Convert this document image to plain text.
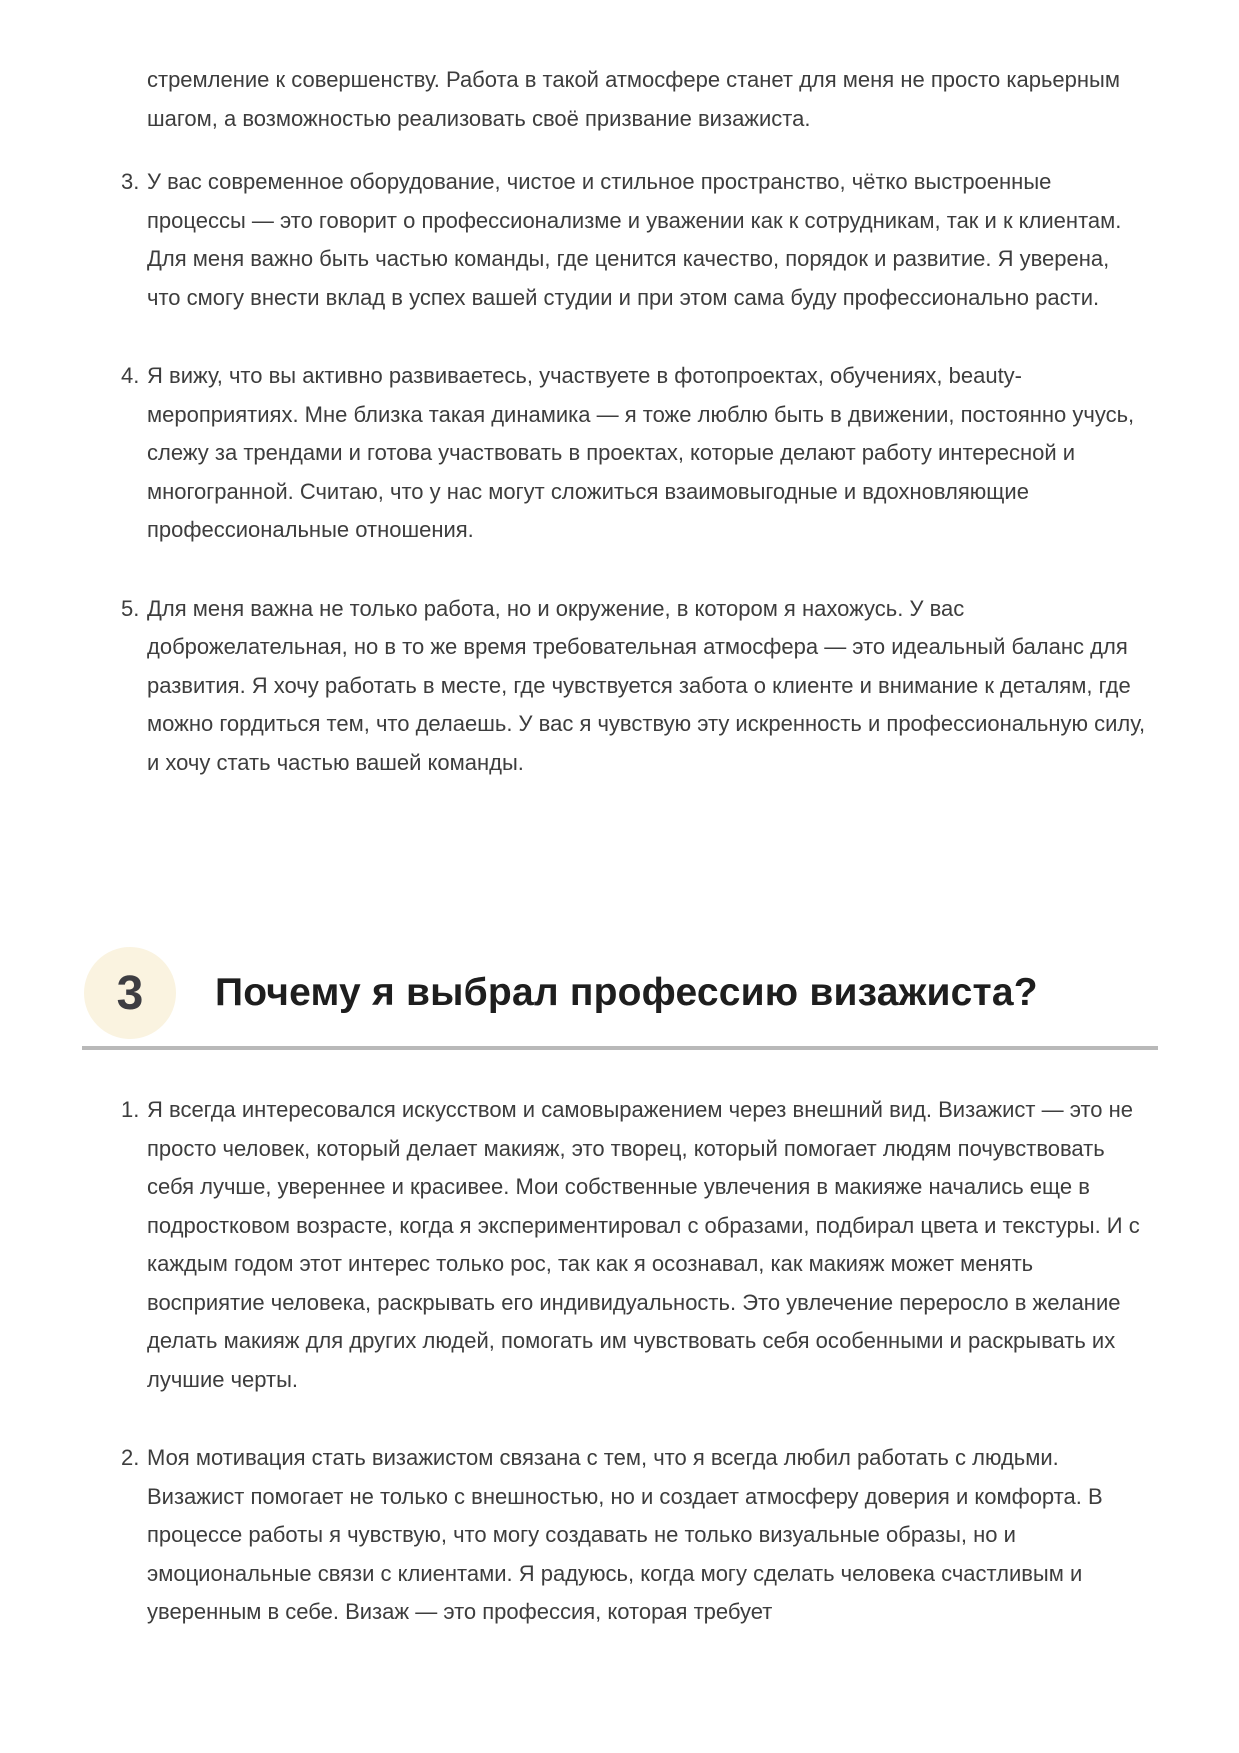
стремление к совершенству. Работа в такой атмосфере станет для меня не просто карьерным шагом, а возможностью реализовать своё призвание визажиста.

3. У вас современное оборудование, чистое и стильное пространство, чётко выстроенные процессы — это говорит о профессионализме и уважении как к сотрудникам, так и к клиентам. Для меня важно быть частью команды, где ценится качество, порядок и развитие. Я уверена, что смогу внести вклад в успех вашей студии и при этом сама буду профессионально расти.
4. Я вижу, что вы активно развиваетесь, участвуете в фотопроектах, обучениях, beauty-мероприятиях. Мне близка такая динамика — я тоже люблю быть в движении, постоянно учусь, слежу за трендами и готова участвовать в проектах, которые делают работу интересной и многогранной. Считаю, что у нас могут сложиться взаимовыгодные и вдохновляющие профессиональные отношения.
5. Для меня важна не только работа, но и окружение, в котором я нахожусь. У вас доброжелательная, но в то же время требовательная атмосфера — это идеальный баланс для развития. Я хочу работать в месте, где чувствуется забота о клиенте и внимание к деталям, где можно гордиться тем, что делаешь. У вас я чувствую эту искренность и профессиональную силу, и хочу стать частью вашей команды.
3	Почему я выбрал профессию визажиста?
1. Я всегда интересовался искусством и самовыражением через внешний вид. Визажист — это не просто человек, который делает макияж, это творец, который помогает людям почувствовать себя лучше, увереннее и красивее. Мои собственные увлечения в макияже начались еще в подростковом возрасте, когда я экспериментировал с образами, подбирал цвета и текстуры. И с каждым годом этот интерес только рос, так как я осознавал, как макияж может менять восприятие человека, раскрывать его индивидуальность. Это увлечение переросло в желание делать макияж для других людей, помогать им чувствовать себя особенными и раскрывать их лучшие черты.
2. Моя мотивация стать визажистом связана с тем, что я всегда любил работать с людьми. Визажист помогает не только с внешностью, но и создает атмосферу доверия и комфорта. В процессе работы я чувствую, что могу создавать не только визуальные образы, но и эмоциональные связи с клиентами. Я радуюсь, когда могу сделать человека счастливым и уверенным в себе. Визаж — это профессия, которая требует
